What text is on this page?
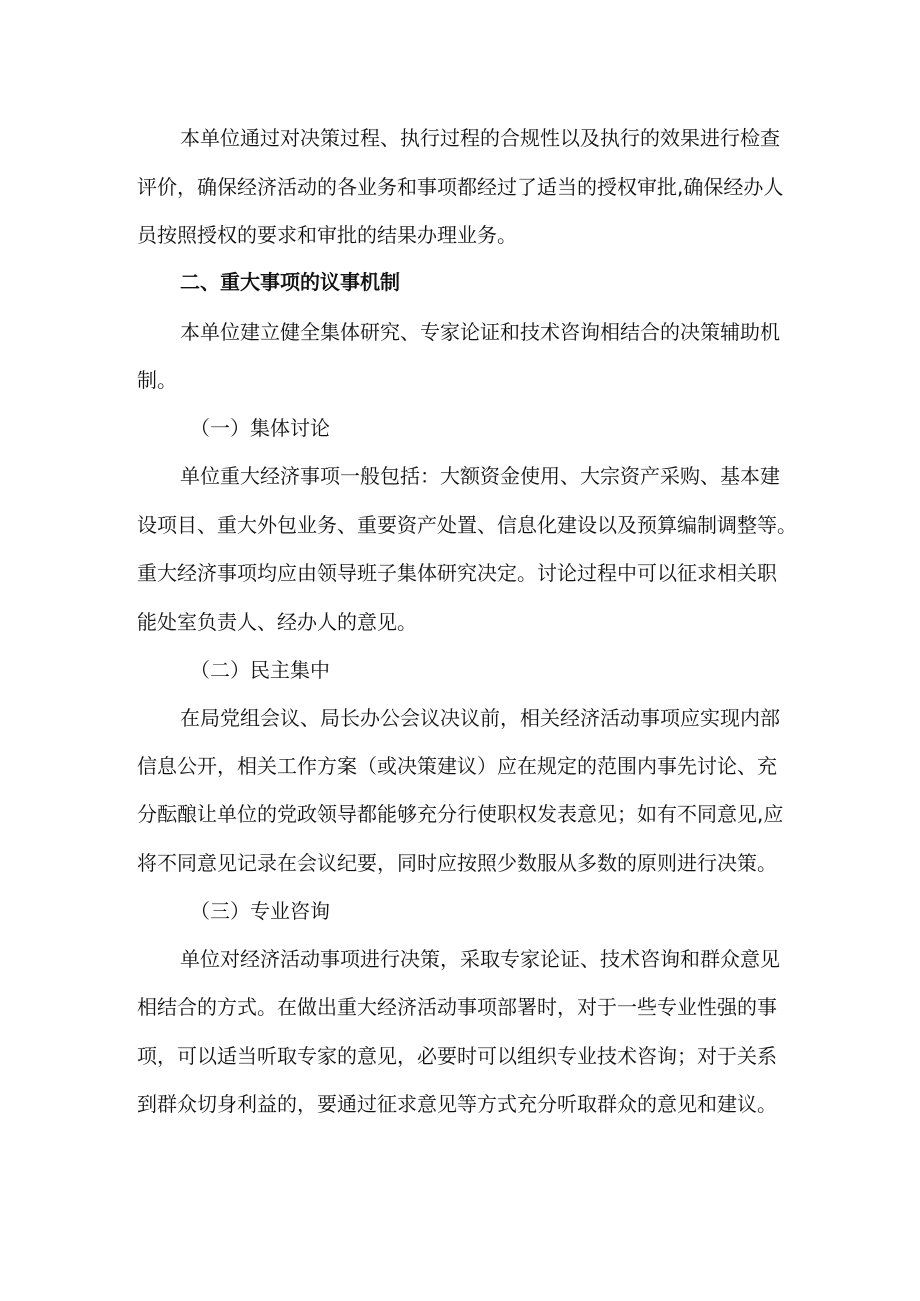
本单位通过对决策过程、执行过程的合规性以及执行的效果进行检查
评价，确保经济活动的各业务和事项都经过了适当的授权审批,确保经办人
员按照授权的要求和审批的结果办理业务。
二、重大事项的议事机制
本单位建立健全集体研究、专家论证和技术咨询相结合的决策辅助机
制。
（一）集体讨论
单位重大经济事项一般包括：大额资金使用、大宗资产采购、基本建
设项目、重大外包业务、重要资产处置、信息化建设以及预算编制调整等。
重大经济事项均应由领导班子集体研究决定。讨论过程中可以征求相关职
能处室负责人、经办人的意见。
（二）民主集中
在局党组会议、局长办公会议决议前，相关经济活动事项应实现内部
信息公开，相关工作方案（或决策建议）应在规定的范围内事先讨论、充
分酝酿让单位的党政领导都能够充分行使职权发表意见；如有不同意见,应
将不同意见记录在会议纪要，同时应按照少数服从多数的原则进行决策。
（三）专业咨询
单位对经济活动事项进行决策，采取专家论证、技术咨询和群众意见
相结合的方式。在做出重大经济活动事项部署时，对于一些专业性强的事
项，可以适当听取专家的意见，必要时可以组织专业技术咨询；对于关系
到群众切身利益的，要通过征求意见等方式充分听取群众的意见和建议。
